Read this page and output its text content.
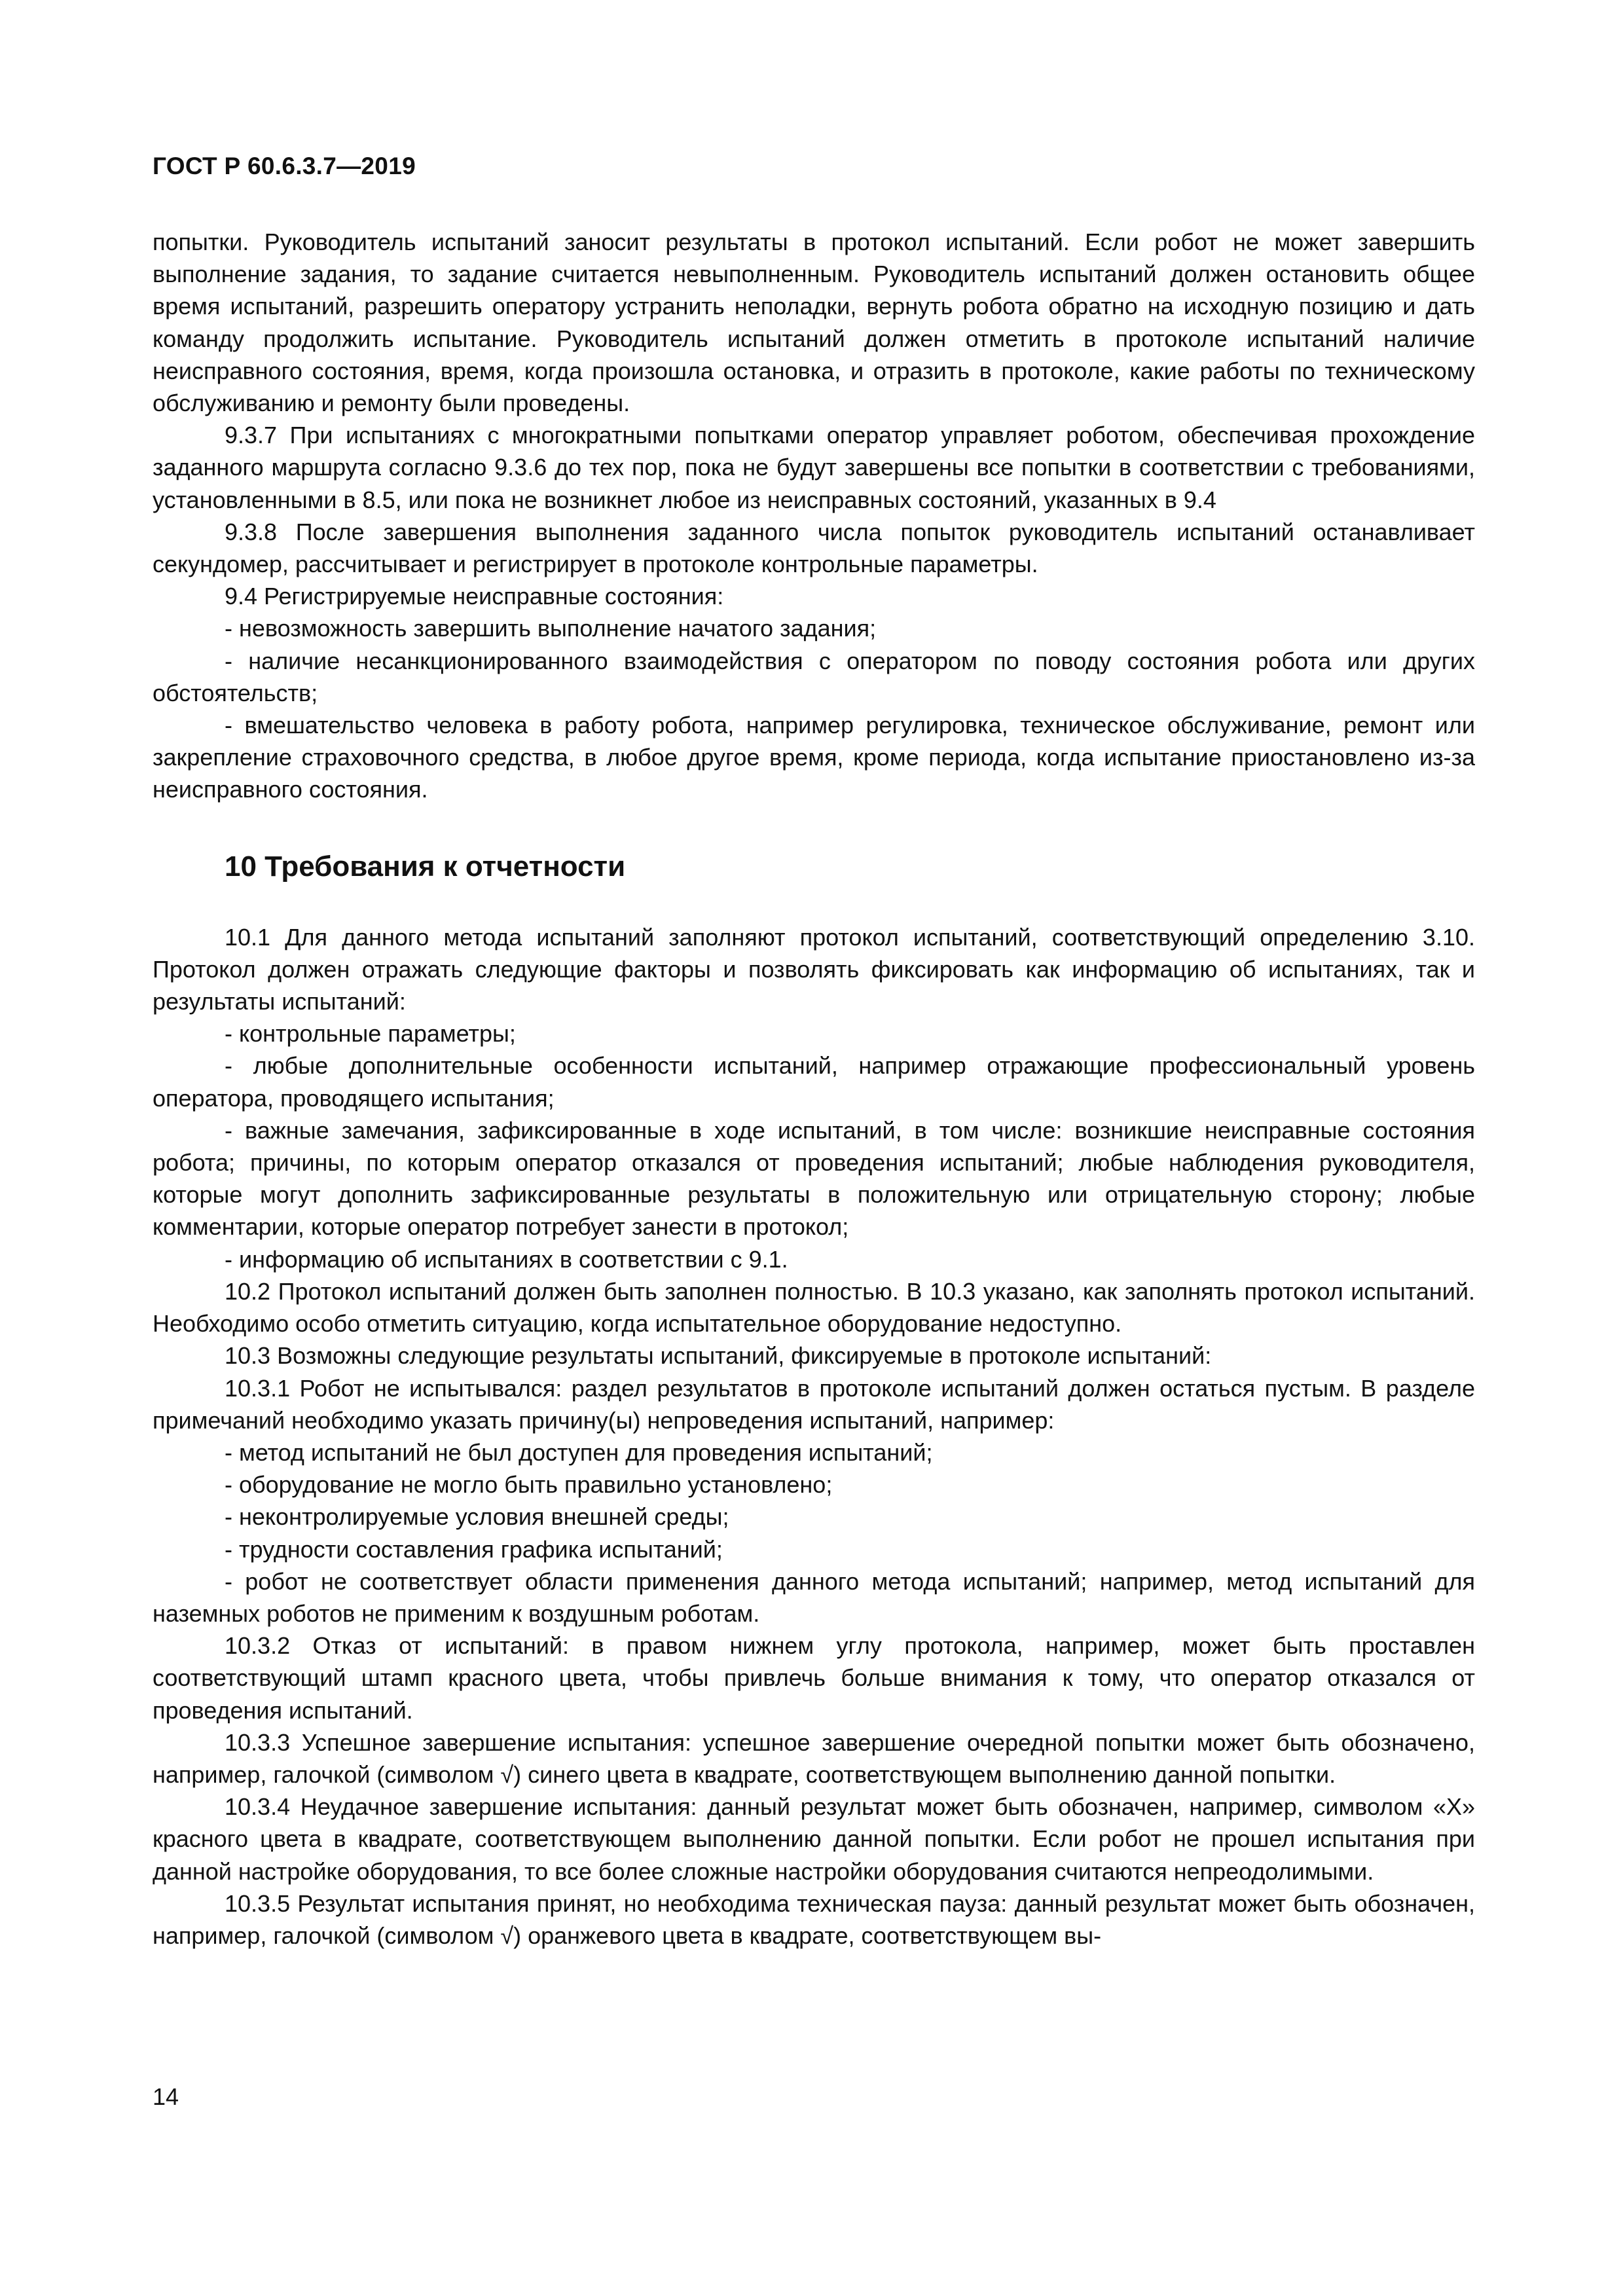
ГОСТ Р 60.6.3.7—2019

попытки. Руководитель испытаний заносит результаты в протокол испытаний. Если робот не может завершить выполнение задания, то задание считается невыполненным. Руководитель испытаний должен остановить общее время испытаний, разрешить оператору устранить неполадки, вернуть робота обратно на исходную позицию и дать команду продолжить испытание. Руководитель испытаний должен отметить в протоколе испытаний наличие неисправного состояния, время, когда произошла остановка, и отразить в протоколе, какие работы по техническому обслуживанию и ремонту были проведены.

9.3.7 При испытаниях с многократными попытками оператор управляет роботом, обеспечивая прохождение заданного маршрута согласно 9.3.6 до тех пор, пока не будут завершены все попытки в соответствии с требованиями, установленными в 8.5, или пока не возникнет любое из неисправных состояний, указанных в 9.4

9.3.8 После завершения выполнения заданного числа попыток руководитель испытаний останавливает секундомер, рассчитывает и регистрирует в протоколе контрольные параметры.

9.4 Регистрируемые неисправные состояния:

- невозможность завершить выполнение начатого задания;

- наличие несанкционированного взаимодействия с оператором по поводу состояния робота или других обстоятельств;

- вмешательство человека в работу робота, например регулировка, техническое обслуживание, ремонт или закрепление страховочного средства, в любое другое время, кроме периода, когда испытание приостановлено из-за неисправного состояния.

10 Требования к отчетности

10.1 Для данного метода испытаний заполняют протокол испытаний, соответствующий определению 3.10. Протокол должен отражать следующие факторы и позволять фиксировать как информацию об испытаниях, так и результаты испытаний:

- контрольные параметры;

- любые дополнительные особенности испытаний, например отражающие профессиональный уровень оператора, проводящего испытания;

- важные замечания, зафиксированные в ходе испытаний, в том числе: возникшие неисправные состояния робота; причины, по которым оператор отказался от проведения испытаний; любые наблюдения руководителя, которые могут дополнить зафиксированные результаты в положительную или отрицательную сторону; любые комментарии, которые оператор потребует занести в протокол;

- информацию об испытаниях в соответствии с 9.1.

10.2 Протокол испытаний должен быть заполнен полностью. В 10.3 указано, как заполнять протокол испытаний. Необходимо особо отметить ситуацию, когда испытательное оборудование недоступно.

10.3 Возможны следующие результаты испытаний, фиксируемые в протоколе испытаний:

10.3.1 Робот не испытывался: раздел результатов в протоколе испытаний должен остаться пустым. В разделе примечаний необходимо указать причину(ы) непроведения испытаний, например:

- метод испытаний не был доступен для проведения испытаний;

- оборудование не могло быть правильно установлено;

- неконтролируемые условия внешней среды;

- трудности составления графика испытаний;

- робот не соответствует области применения данного метода испытаний; например, метод испытаний для наземных роботов не применим к воздушным роботам.

10.3.2 Отказ от испытаний: в правом нижнем углу протокола, например, может быть проставлен соответствующий штамп красного цвета, чтобы привлечь больше внимания к тому, что оператор отказался от проведения испытаний.

10.3.3 Успешное завершение испытания: успешное завершение очередной попытки может быть обозначено, например, галочкой (символом √) синего цвета в квадрате, соответствующем выполнению данной попытки.

10.3.4 Неудачное завершение испытания: данный результат может быть обозначен, например, символом «Х» красного цвета в квадрате, соответствующем выполнению данной попытки. Если робот не прошел испытания при данной настройке оборудования, то все более сложные настройки оборудования считаются непреодолимыми.

10.3.5 Результат испытания принят, но необходима техническая пауза: данный результат может быть обозначен, например, галочкой (символом √) оранжевого цвета в квадрате, соответствующем вы-

14
